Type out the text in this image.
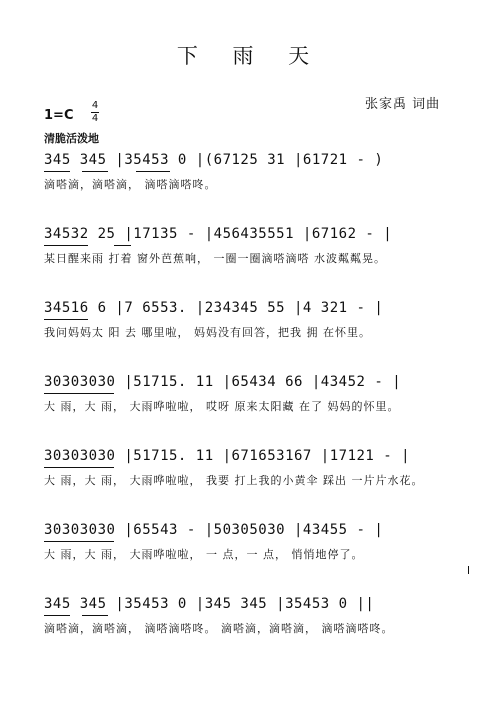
下 雨 天
张家禹 词曲
1=C
4
4
清脆活泼地
345 345 |35453 0 |(67125 31 |61721 - )
滴嗒滴，滴嗒滴， 滴嗒滴嗒咚。
34532 25 |17135 - |456435551 |67162 - |
某日醒来雨 打着 窗外芭蕉响， 一圈一圈滴嗒滴嗒 水波粼粼晃。
34516 6 |7 6553. |234345 55 |4 321 - |
我问妈妈太 阳 去 哪里啦， 妈妈没有回答，把我 拥 在怀里。
30303030 |51715. 11 |65434 66 |43452 - |
大 雨，大 雨， 大雨哗啦啦， 哎呀 原来太阳藏 在了 妈妈的怀里。
30303030 |51715. 11 |671653167 |17121 - |
大 雨，大 雨， 大雨哗啦啦， 我要 打上我的小黄伞 踩出 一片片水花。
30303030 |65543 - |50305030 |43455 - |
大 雨，大 雨， 大雨哗啦啦， 一 点，一 点， 悄悄地停了。
345 345 |35453 0 |345 345 |35453 0 ||
滴嗒滴，滴嗒滴， 滴嗒滴嗒咚。 滴嗒滴，滴嗒滴， 滴嗒滴嗒咚。
